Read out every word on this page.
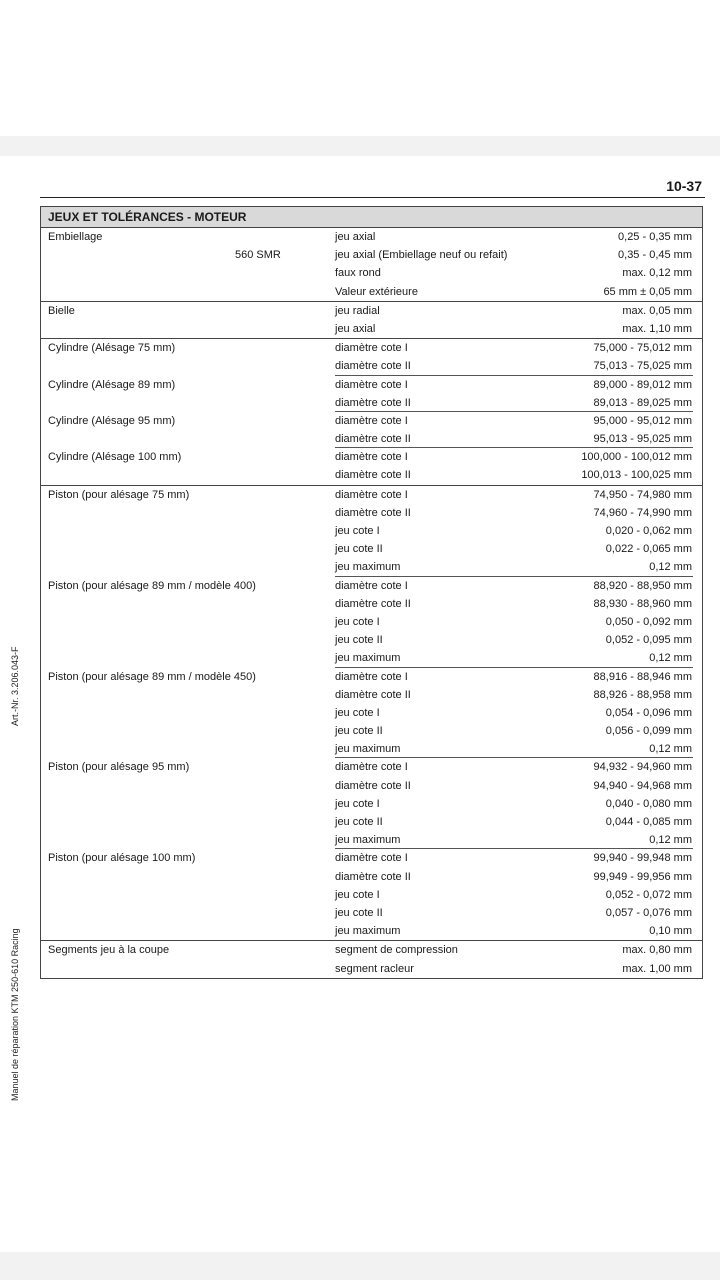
10-37
JEUX ET TOLÉRANCES - MOTEUR
Embiellage	jeu axial	0,25 - 0,35 mm
560 SMR	jeu axial (Embiellage neuf ou refait)	0,35 - 0,45 mm
faux rond	max. 0,12 mm
Valeur extérieure	65 mm ± 0,05 mm
Bielle	jeu radial	max. 0,05 mm
jeu axial	max. 1,10 mm
Cylindre (Alésage 75 mm)	diamètre cote I	75,000 - 75,012 mm
diamètre cote II	75,013 - 75,025 mm
Cylindre (Alésage 89 mm)	diamètre cote I	89,000 - 89,012 mm
diamètre cote II	89,013 - 89,025 mm
Cylindre (Alésage 95 mm)	diamètre cote I	95,000 - 95,012 mm
diamètre cote II	95,013 - 95,025 mm
Cylindre (Alésage 100 mm)	diamètre cote I	100,000 - 100,012 mm
diamètre cote II	100,013 - 100,025 mm
Piston (pour alésage 75 mm)	diamètre cote I	74,950 - 74,980 mm
diamètre cote II	74,960 - 74,990 mm
jeu cote I	0,020 - 0,062 mm
jeu cote II	0,022 - 0,065 mm
jeu maximum	0,12 mm
Piston (pour alésage 89 mm / modèle 400)	diamètre cote I	88,920 - 88,950 mm
diamètre cote II	88,930 - 88,960 mm
jeu cote I	0,050 - 0,092 mm
jeu cote II	0,052 - 0,095 mm
jeu maximum	0,12 mm
Piston (pour alésage 89 mm / modèle 450)	diamètre cote I	88,916 - 88,946 mm
diamètre cote II	88,926 - 88,958 mm
jeu cote I	0,054 - 0,096 mm
jeu cote II	0,056 - 0,099 mm
jeu maximum	0,12 mm
Piston (pour alésage 95 mm)	diamètre cote I	94,932 - 94,960 mm
diamètre cote II	94,940 - 94,968 mm
jeu cote I	0,040 - 0,080 mm
jeu cote II	0,044 - 0,085 mm
jeu maximum	0,12 mm
Piston (pour alésage 100 mm)	diamètre cote I	99,940 - 99,948 mm
diamètre cote II	99,949 - 99,956 mm
jeu cote I	0,052 - 0,072 mm
jeu cote II	0,057 - 0,076 mm
jeu maximum	0,10 mm
Segments jeu à la coupe	segment de compression	max. 0,80 mm
segment racleur	max. 1,00 mm
Art.-Nr. 3.206.043-F
Manuel de réparation KTM 250-610 Racing
